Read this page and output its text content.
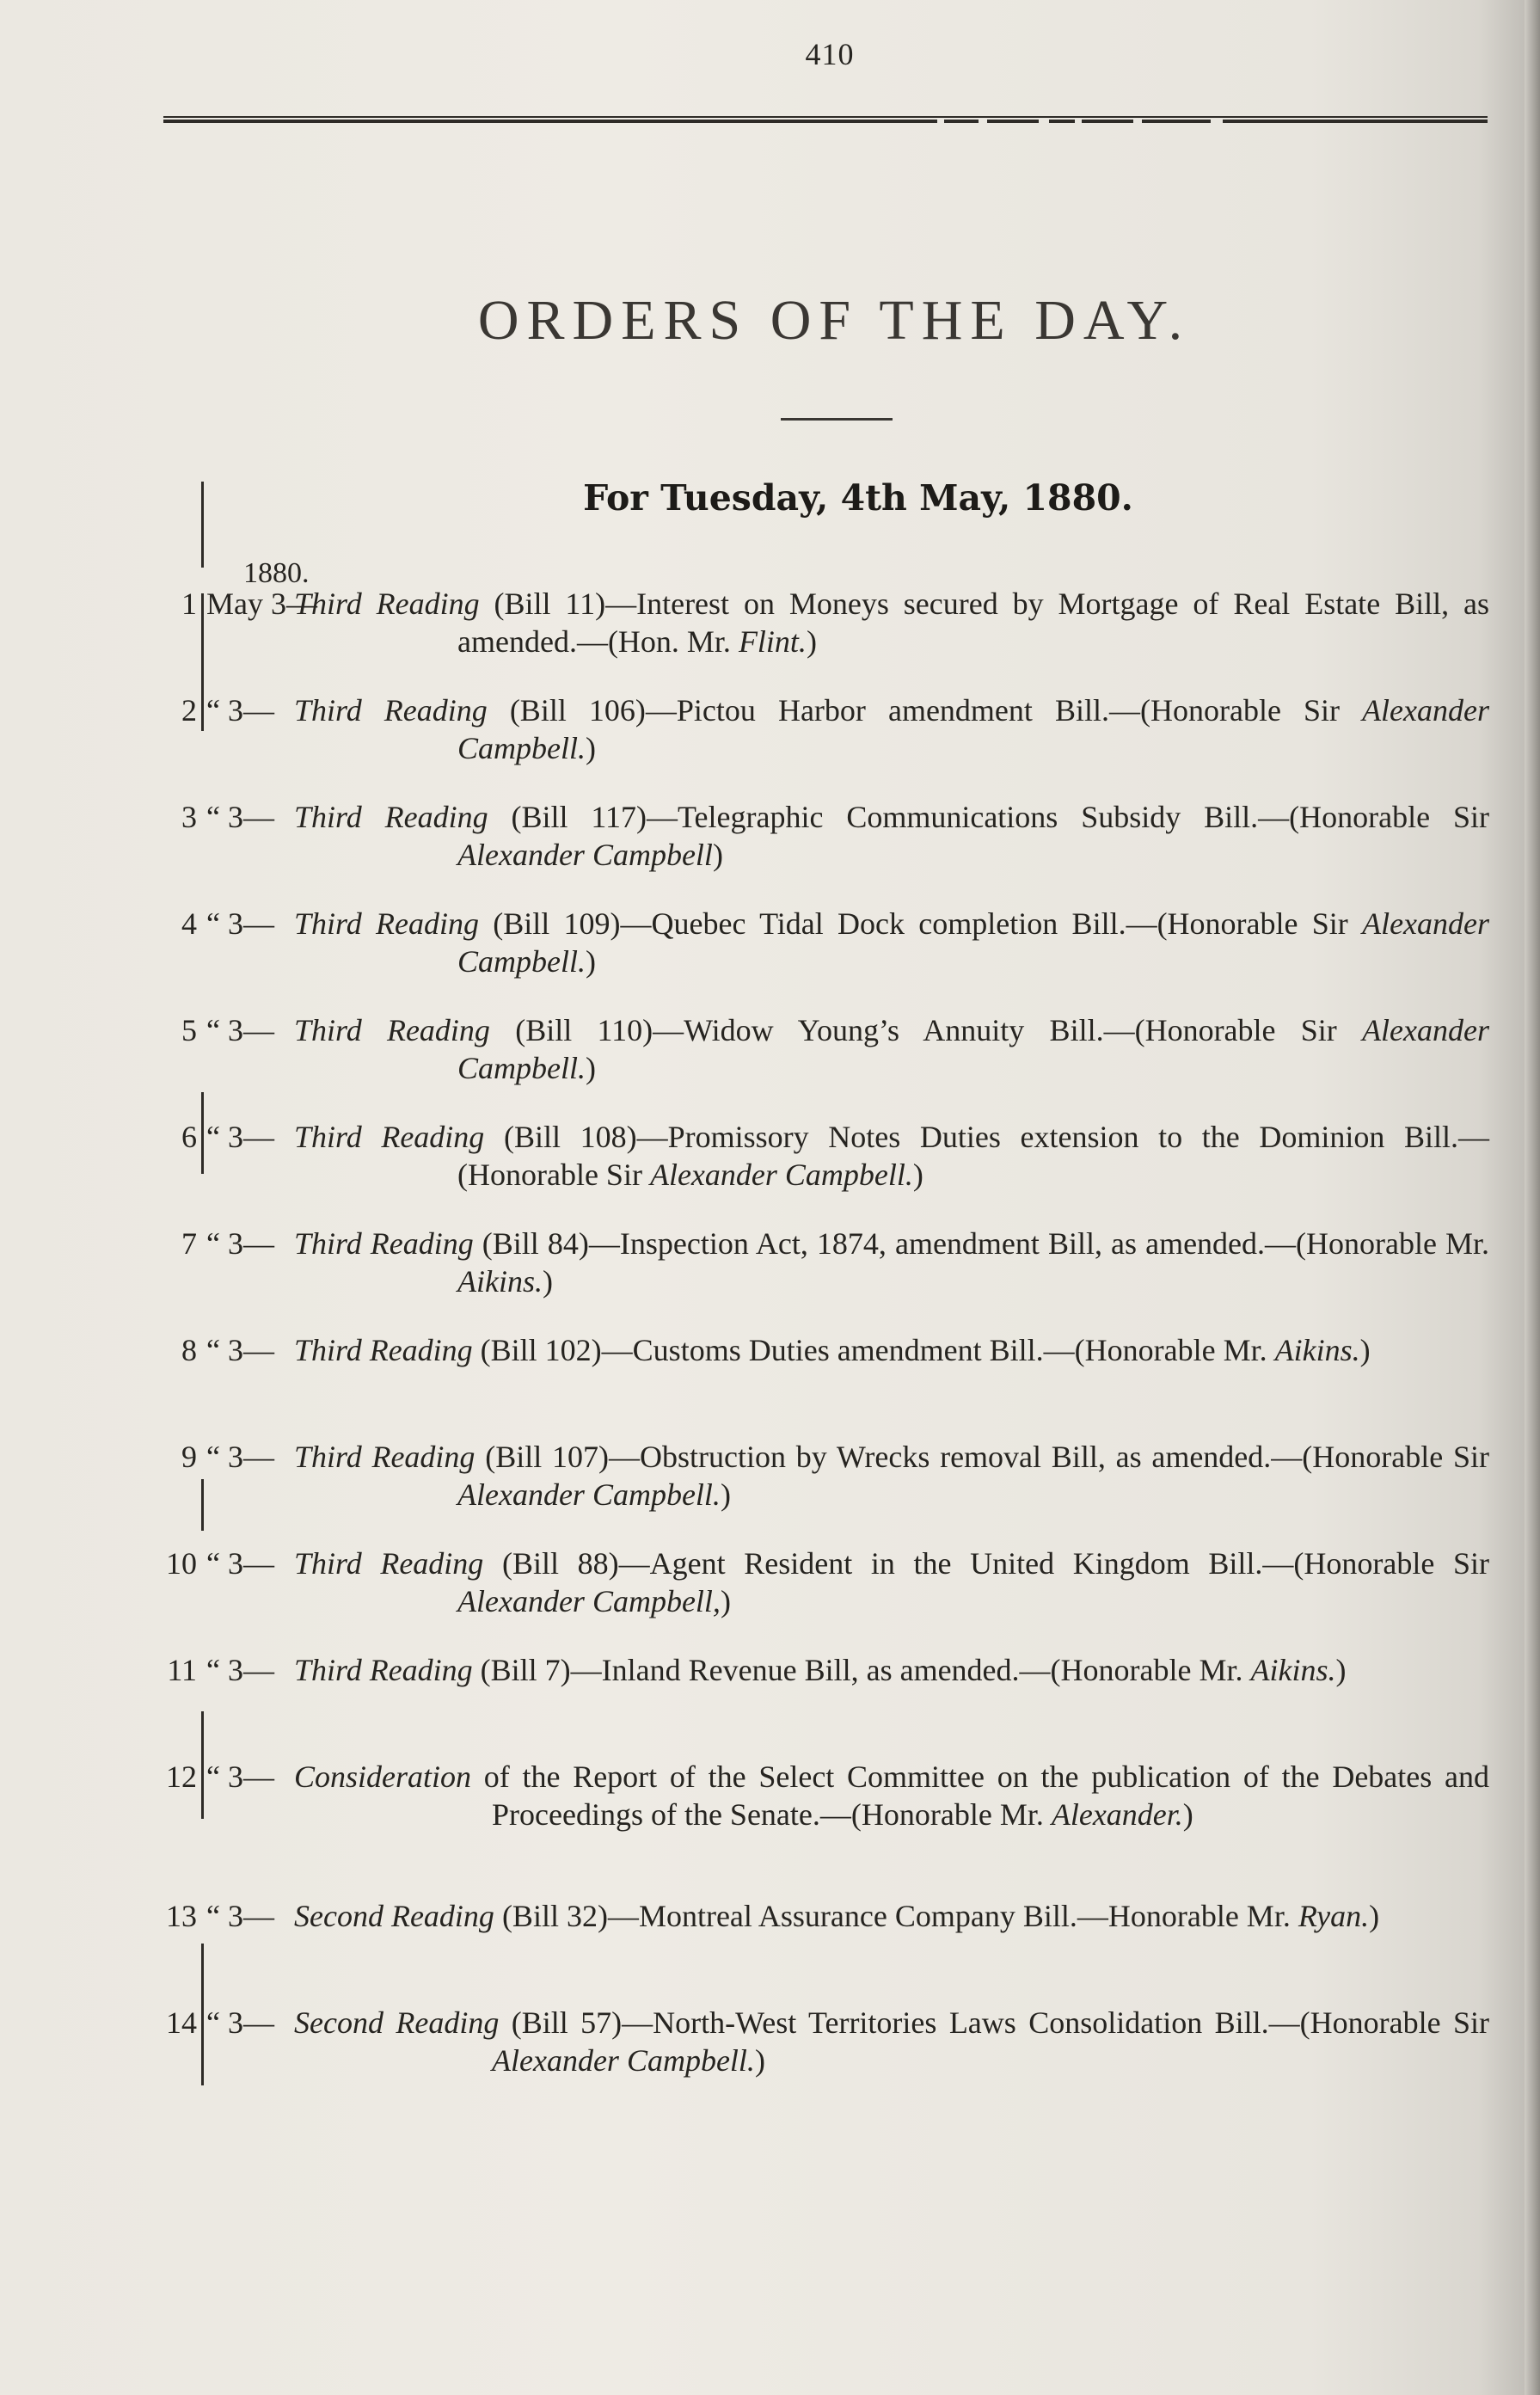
410
ORDERS OF THE DAY.
For Tuesday, 4th May, 1880.
1880.
1 May 3—
Third Reading (Bill 11)—Interest on Moneys secured by Mortgage of Real Estate Bill, as amended.—(Hon. Mr. Flint.)
2 “ 3— Third Reading (Bill 106)—Pictou Harbor amendment Bill.—(Honorable Sir Alexander Campbell.)
3 “ 3— Third Reading (Bill 117)—Telegraphic Communications Subsidy Bill.—(Honorable Sir Alexander Campbell)
4 “ 3— Third Reading (Bill 109)—Quebec Tidal Dock completion Bill.—(Honorable Sir Alexander Campbell.)
5 “ 3— Third Reading (Bill 110)—Widow Young’s Annuity Bill.—(Honorable Sir Alexander Campbell.)
6 “ 3— Third Reading (Bill 108)—Promissory Notes Duties extension to the Dominion Bill.—(Honorable Sir Alexander Campbell.)
7 “ 3— Third Reading (Bill 84)—Inspection Act, 1874, amendment Bill, as amended.—(Honorable Mr. Aikins.)
8 “ 3— Third Reading (Bill 102)—Customs Duties amendment Bill.—(Honorable Mr. Aikins.)
9 “ 3— Third Reading (Bill 107)—Obstruction by Wrecks removal Bill, as amended.—(Honorable Sir Alexander Campbell.)
10 “ 3— Third Reading (Bill 88)—Agent Resident in the United Kingdom Bill.—(Honorable Sir Alexander Campbell,)
11 “ 3— Third Reading (Bill 7)—Inland Revenue Bill, as amended.—(Honorable Mr. Aikins.)
12 “ 3— Consideration of the Report of the Select Committee on the publication of the Debates and Proceedings of the Senate.—(Honorable Mr. Alexander.)
13 “ 3— Second Reading (Bill 32)—Montreal Assurance Company Bill.—Honorable Mr. Ryan.)
14 “ 3— Second Reading (Bill 57)—North-West Territories Laws Consolidation Bill.—(Honorable Sir Alexander Campbell.)
